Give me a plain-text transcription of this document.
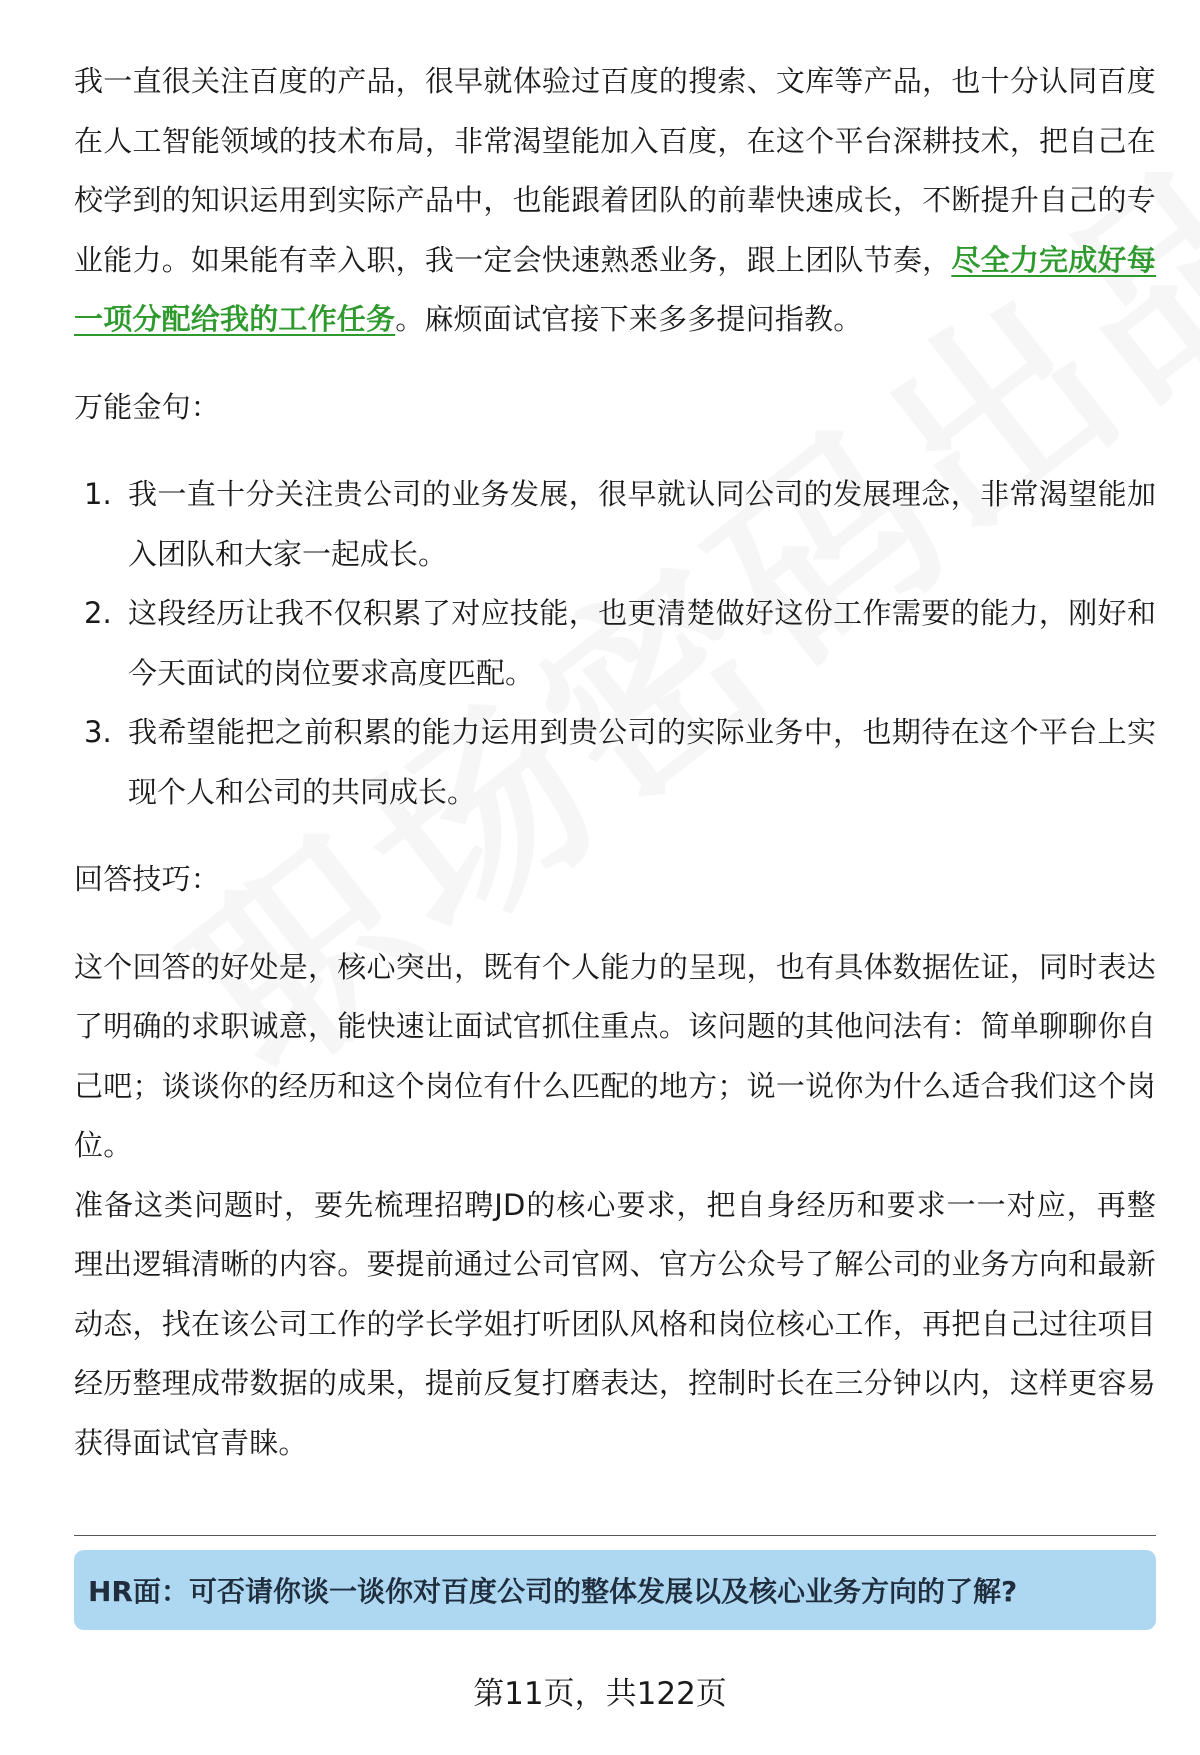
我一直很关注百度的产品，很早就体验过百度的搜索、文库等产品，也十分认同百度在人工智能领域的技术布局，非常渴望能加入百度，在这个平台深耕技术，把自己在校学到的知识运用到实际产品中，也能跟着团队的前辈快速成长，不断提升自己的专业能力。如果能有幸入职，我一定会快速熟悉业务，跟上团队节奏，尽全力完成好每一项分配给我的工作任务。麻烦面试官接下来多多提问指教。

万能金句：

1. 我一直十分关注贵公司的业务发展，很早就认同公司的发展理念，非常渴望能加入团队和大家一起成长。
2. 这段经历让我不仅积累了对应技能，也更清楚做好这份工作需要的能力，刚好和今天面试的岗位要求高度匹配。
3. 我希望能把之前积累的能力运用到贵公司的实际业务中，也期待在这个平台上实现个人和公司的共同成长。

回答技巧：

这个回答的好处是，核心突出，既有个人能力的呈现，也有具体数据佐证，同时表达了明确的求职诚意，能快速让面试官抓住重点。该问题的其他问法有：简单聊聊你自己吧；谈谈你的经历和这个岗位有什么匹配的地方；说一说你为什么适合我们这个岗位。

准备这类问题时，要先梳理招聘JD的核心要求，把自身经历和要求一一对应，再整理出逻辑清晰的内容。要提前通过公司官网、官方公众号了解公司的业务方向和最新动态，找在该公司工作的学长学姐打听团队风格和岗位核心工作，再把自己过往项目经历整理成带数据的成果，提前反复打磨表达，控制时长在三分钟以内，这样更容易获得面试官青睐。

HR面：可否请你谈一谈你对百度公司的整体发展以及核心业务方向的了解?
第11页，共122页
